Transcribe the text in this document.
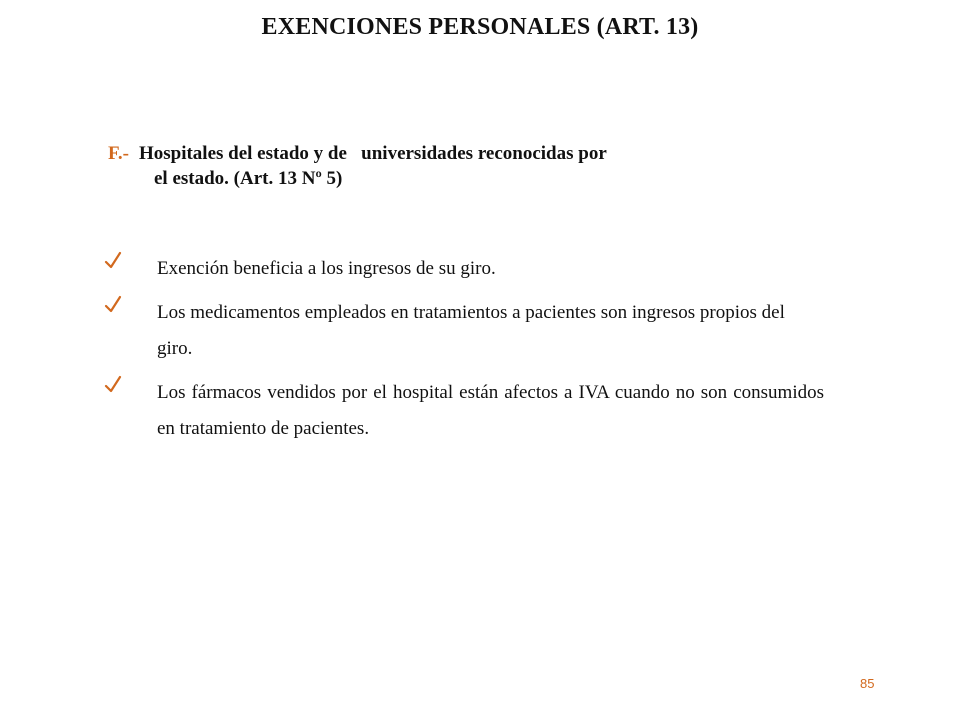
EXENCIONES PERSONALES (ART. 13)
F.- Hospitales del estado y de   universidades reconocidas por
el estado. (Art. 13 Nº 5)
Exención beneficia a los ingresos de su giro.
Los medicamentos empleados en tratamientos a pacientes son ingresos propios del giro.
Los fármacos vendidos por el hospital están afectos a IVA cuando no son consumidos en tratamiento de pacientes.
85
